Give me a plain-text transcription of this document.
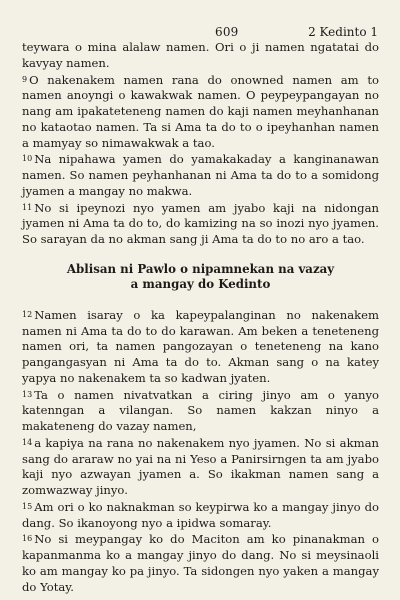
609	2 Kedinto 1

teywara o mina alalaw namen. Ori o ji namen ngatatai do kavyay namen.

9 O nakenakem namen rana do onowned namen am to namen anoyngi o kawakwak namen. O peypeypangayan no nang am ipakateteneng namen do kaji namen meyhanhanan no kataotao namen. Ta si Ama ta do to o ipeyhanhan namen a mamyay so nimawakwak a tao.

10 Na nipahawa yamen do yamakakaday a kanginanawan namen. So namen peyhanhanan ni Ama ta do to a somidong jyamen a mangay no makwa.

11 No si ipeynozi nyo yamen am jyabo kaji na nidongan jyamen ni Ama ta do to, do kamizing na so inozi nyo jyamen. So sarayan da no akman sang ji Ama ta do to no aro a tao.

Ablisan ni Pawlo o nipamnekan na vazay
a mangay do Kedinto

12 Namen isaray o ka kapeypalanginan no nakenakem namen ni Ama ta do to do karawan. Am beken a teneteneng namen ori, ta namen pangozayan o teneteneng na kano pangangasyan ni Ama ta do to. Akman sang o na katey yapya no nakenakem ta so kadwan jyaten.

13 Ta o namen nivatvatkan a ciring jinyo am o yanyo katenngan a vilangan. So namen kakzan ninyo a makateneng do vazay namen,

14 a kapiya na rana no nakenakem nyo jyamen. No si akman sang do araraw no yai na ni Yeso a Panirsirngen ta am jyabo kaji nyo azwayan jyamen a. So ikakman namen sang a zomwazway jinyo.

15 Am ori o ko naknakman so keypirwa ko a mangay jinyo do dang. So ikanoyong nyo a ipidwa somaray.

16 No si meypangay ko do Maciton am ko pinanakman o kapanmanma ko a mangay jinyo do dang. No si meysinaoli ko am mangay ko pa jinyo. Ta sidongen nyo yaken a mangay do Yotay.
